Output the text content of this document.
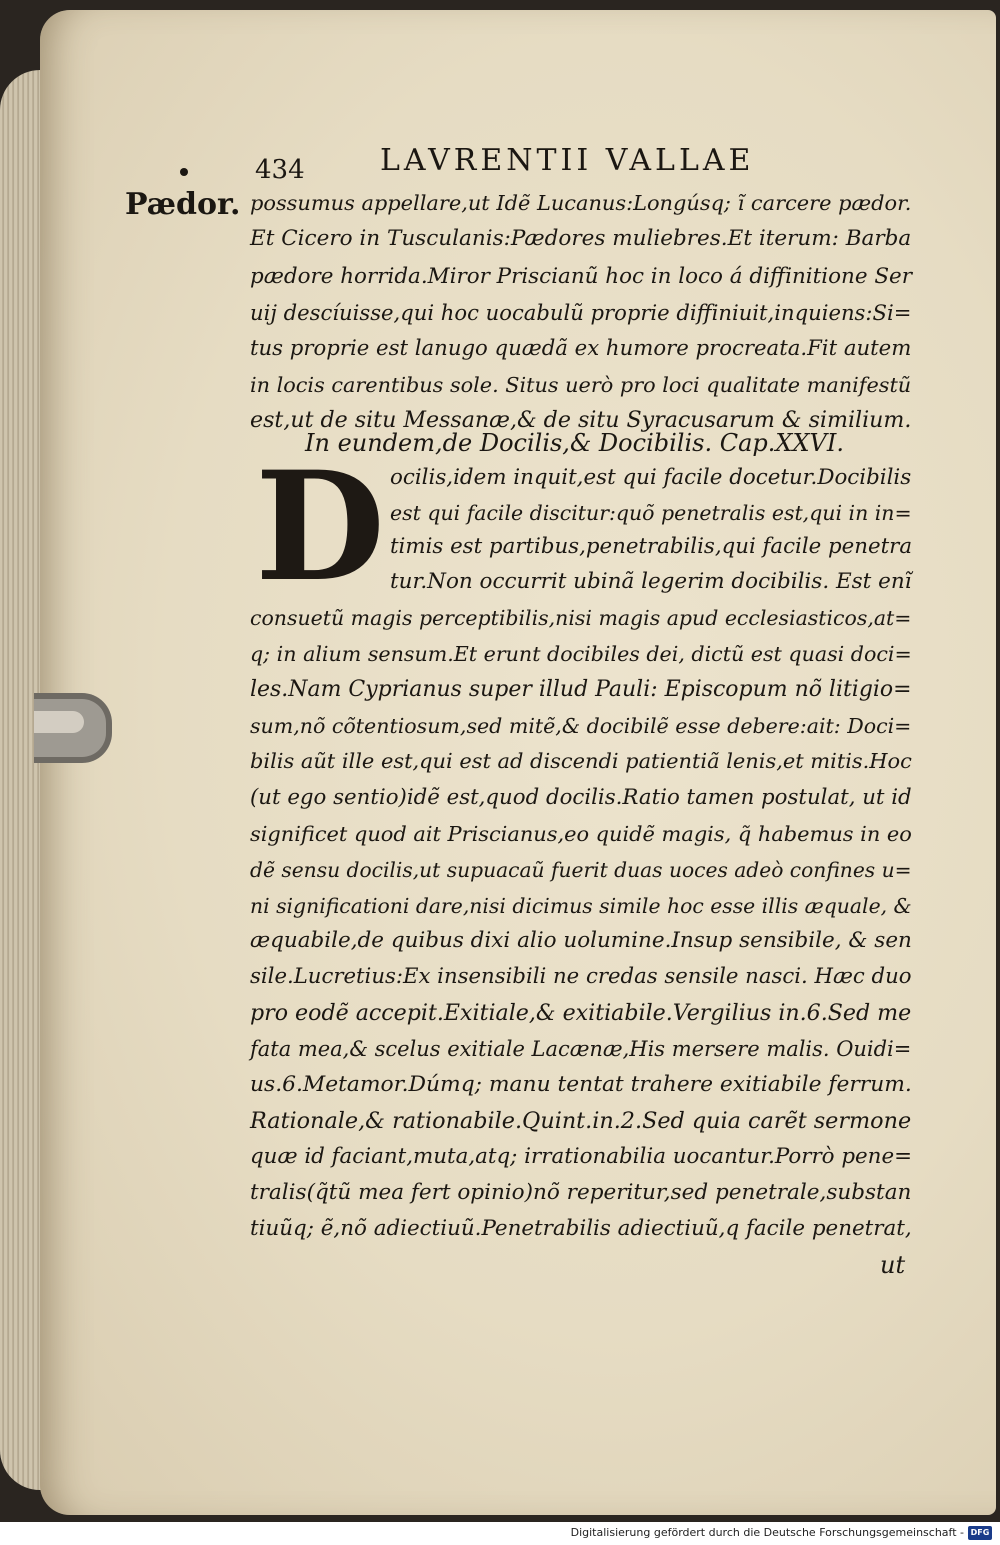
Pædor.
434	LAVRENTII VALLAE
D
possumus appellare,ut Idẽ Lucanus:Longúsq; ĩ carcere pædor.
Et Cicero in Tusculanis:Pædores muliebres.Et iterum: Barba
pædore horrida.Miror Priscianũ hoc in loco á diffinitione Ser
uij descíuisse,qui hoc uocabulũ proprie diffiniuit,inquiens:Si=
tus proprie est lanugo quædã ex humore procreata.Fit autem
in locis carentibus sole. Situs uerò pro loci qualitate manifestũ
est,ut de situ Messanæ,& de situ Syracusarum & similium.
In eundem,de Docilis,& Docibilis. Cap.XXVI.
ocilis,idem inquit,est qui facile docetur.Docibilis
est qui facile discitur:quõ penetralis est,qui in in=
timis est partibus,penetrabilis,qui facile penetra
tur.Non occurrit ubinã legerim docibilis. Est enĩ
consuetũ magis perceptibilis,nisi magis apud ecclesiasticos,at=
q; in alium sensum.Et erunt docibiles dei, dictũ est quasi doci=
les.Nam Cyprianus super illud Pauli: Episcopum nõ litigio=
sum,nõ cõtentiosum,sed mitẽ,& docibilẽ esse debere:ait: Doci=
bilis aũt ille est,qui est ad discendi patientiã lenis,et mitis.Hoc
(ut ego sentio)idẽ est,quod docilis.Ratio tamen postulat, ut id
significet quod ait Priscianus,eo quidẽ magis, q̃ habemus in eo
dẽ sensu docilis,ut supuacaũ fuerit duas uoces adeò confines u=
ni significationi dare,nisi dicimus simile hoc esse illis æquale, &
æquabile,de quibus dixi alio uolumine.Insup sensibile, & sen
sile.Lucretius:Ex insensibili ne credas sensile nasci. Hæc duo
pro eodẽ accepit.Exitiale,& exitiabile.Vergilius in.6.Sed me
fata mea,& scelus exitiale Lacænæ,His mersere malis. Ouidi=
us.6.Metamor.Dúmq; manu tentat trahere exitiabile ferrum.
Rationale,& rationabile.Quint.in.2.Sed quia carẽt sermone
quæ id faciant,muta,atq; irrationabilia uocantur.Porrò pene=
tralis(q̃tũ mea fert opinio)nõ reperitur,sed penetrale,substan
tiuũq; ẽ,nõ adiectiuũ.Penetrabilis adiectiuũ,q facile penetrat,
ut
Digitalisierung gefördert durch die Deutsche Forschungsgemeinschaft - DFG
